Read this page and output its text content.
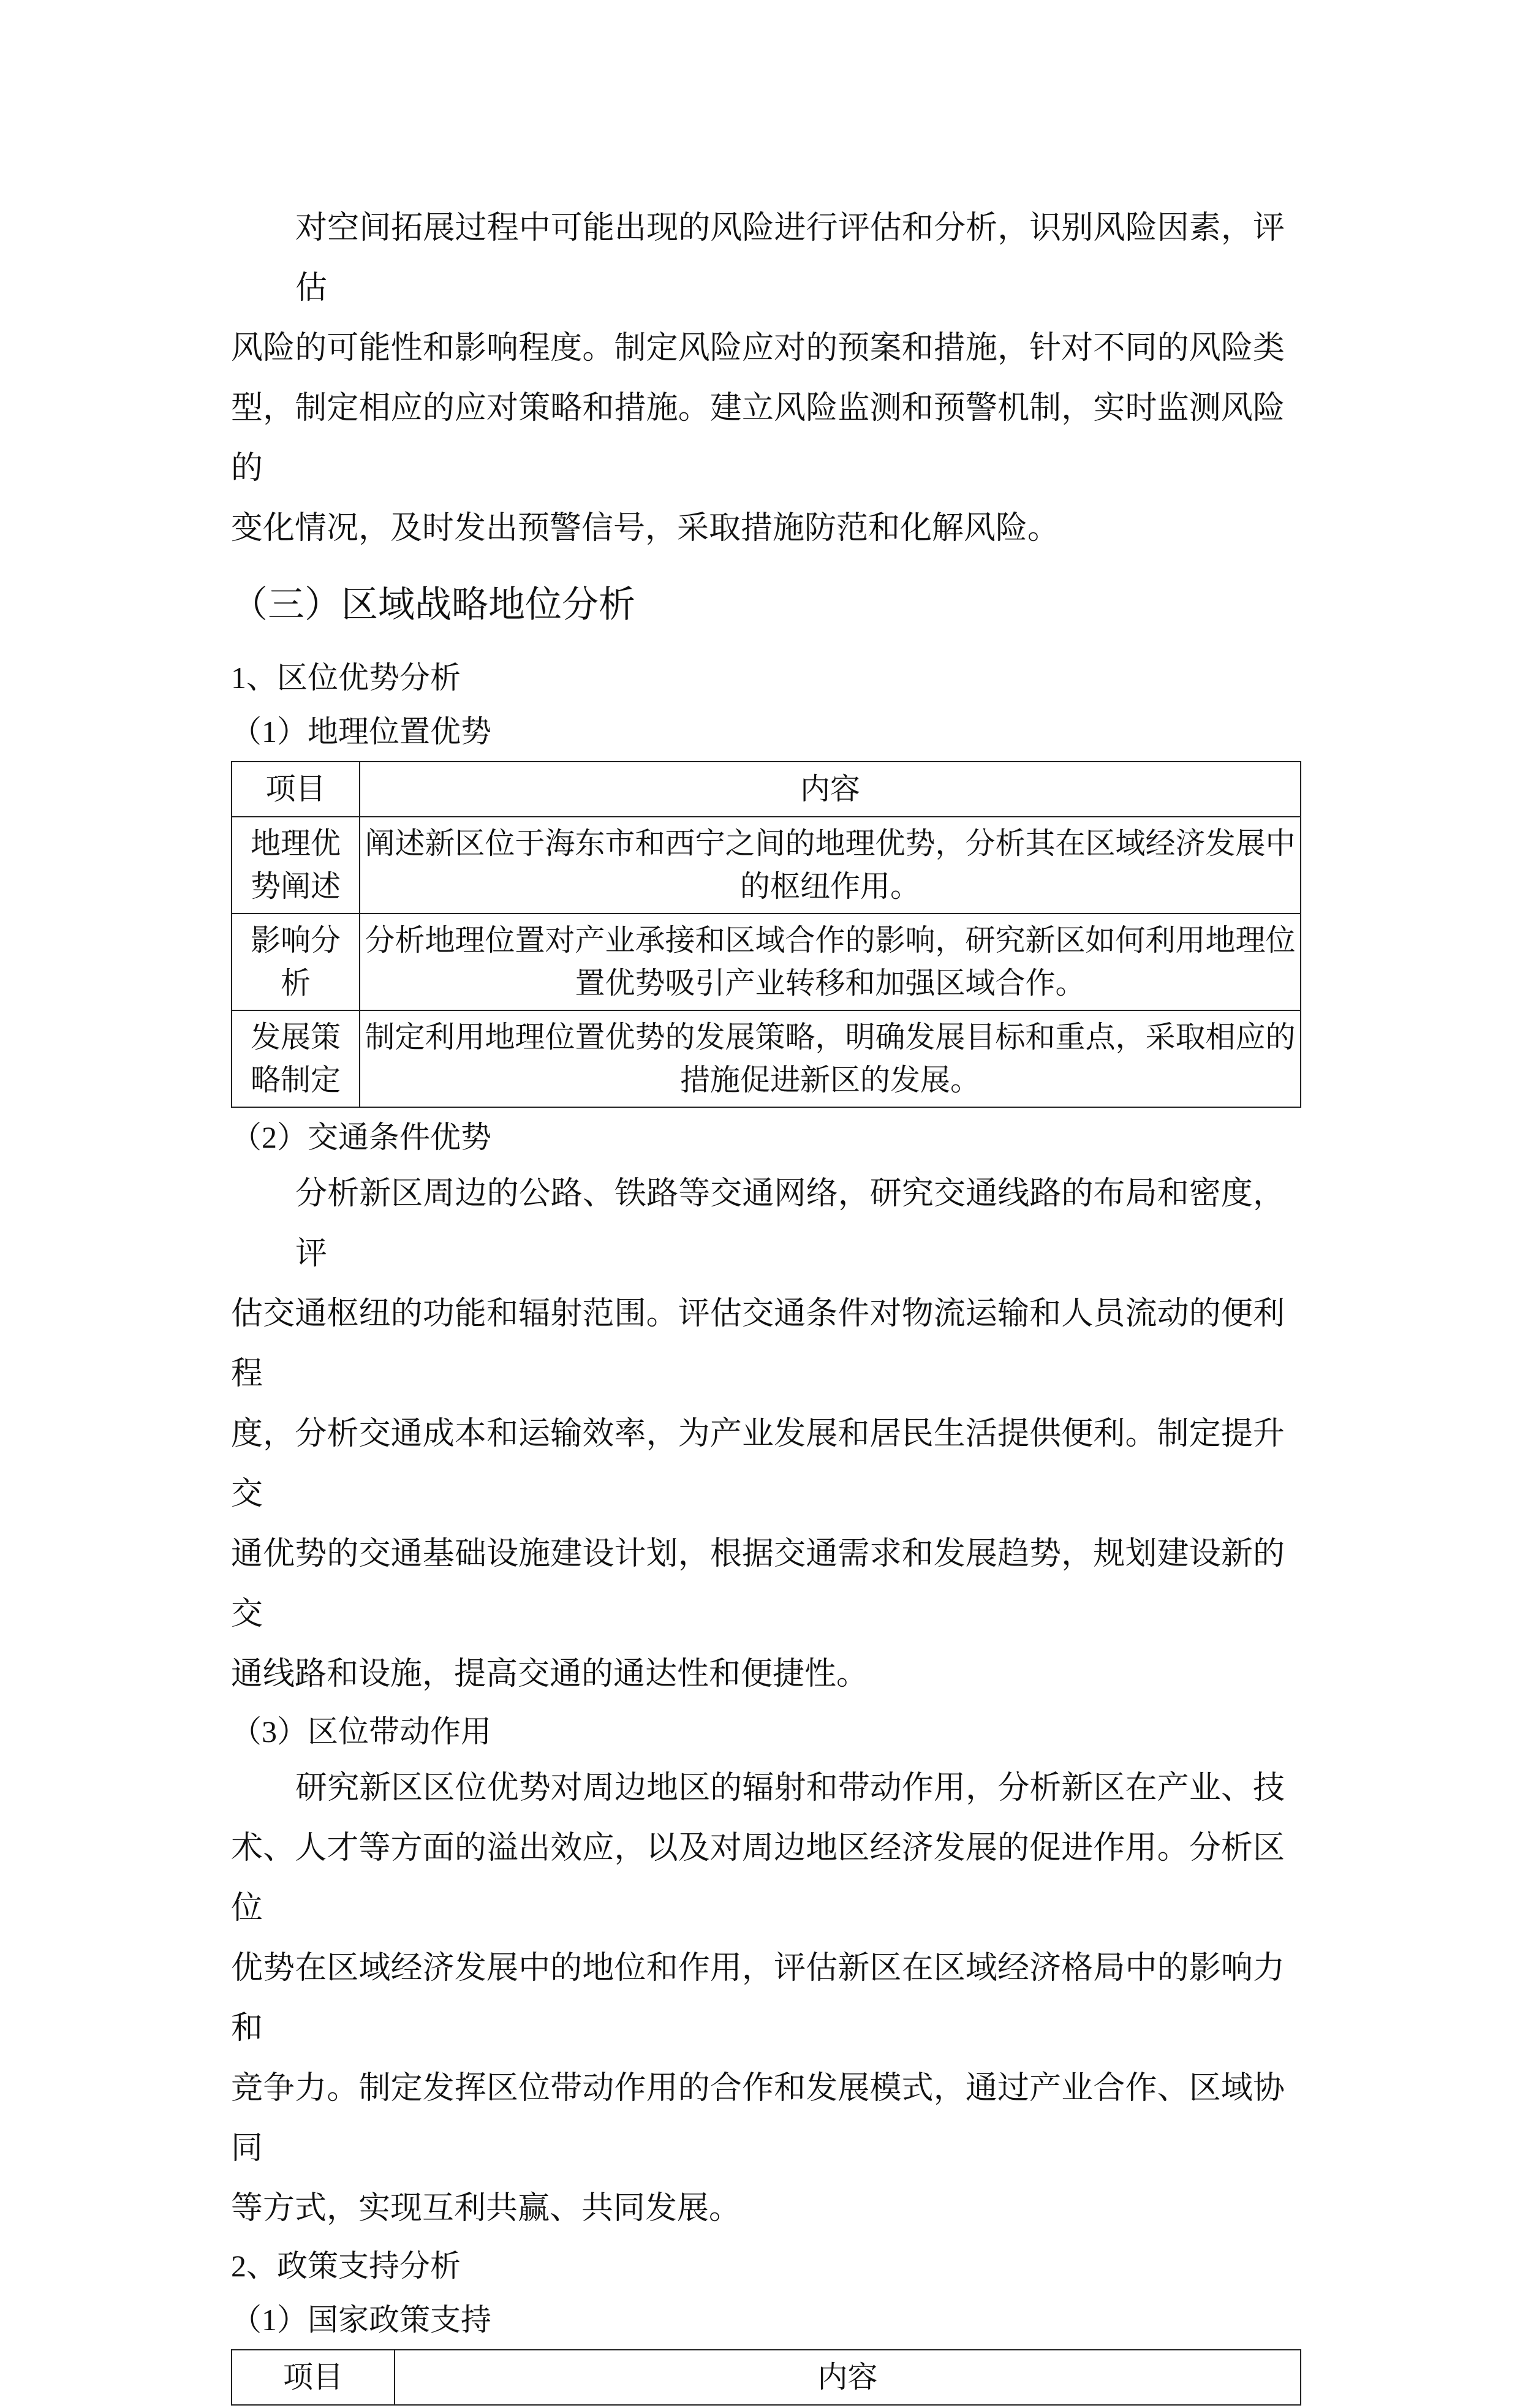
对空间拓展过程中可能出现的风险进行评估和分析，识别风险因素，评估
风险的可能性和影响程度。制定风险应对的预案和措施，针对不同的风险类
型，制定相应的应对策略和措施。建立风险监测和预警机制，实时监测风险的
变化情况，及时发出预警信号，采取措施防范和化解风险。
（三）区域战略地位分析
1、区位优势分析
（1）地理位置优势
项目	内容
地理优势阐述	阐述新区位于海东市和西宁之间的地理优势，分析其在区域经济发展中的枢纽作用。
影响分析	分析地理位置对产业承接和区域合作的影响，研究新区如何利用地理位置优势吸引产业转移和加强区域合作。
发展策略制定	制定利用地理位置优势的发展策略，明确发展目标和重点，采取相应的措施促进新区的发展。
（2）交通条件优势
分析新区周边的公路、铁路等交通网络，研究交通线路的布局和密度，评
估交通枢纽的功能和辐射范围。评估交通条件对物流运输和人员流动的便利程
度，分析交通成本和运输效率，为产业发展和居民生活提供便利。制定提升交
通优势的交通基础设施建设计划，根据交通需求和发展趋势，规划建设新的交
通线路和设施，提高交通的通达性和便捷性。
（3）区位带动作用
研究新区区位优势对周边地区的辐射和带动作用，分析新区在产业、技
术、人才等方面的溢出效应，以及对周边地区经济发展的促进作用。分析区位
优势在区域经济发展中的地位和作用，评估新区在区域经济格局中的影响力和
竞争力。制定发挥区位带动作用的合作和发展模式，通过产业合作、区域协同
等方式，实现互利共赢、共同发展。
2、政策支持分析
（1）国家政策支持
项目	内容
